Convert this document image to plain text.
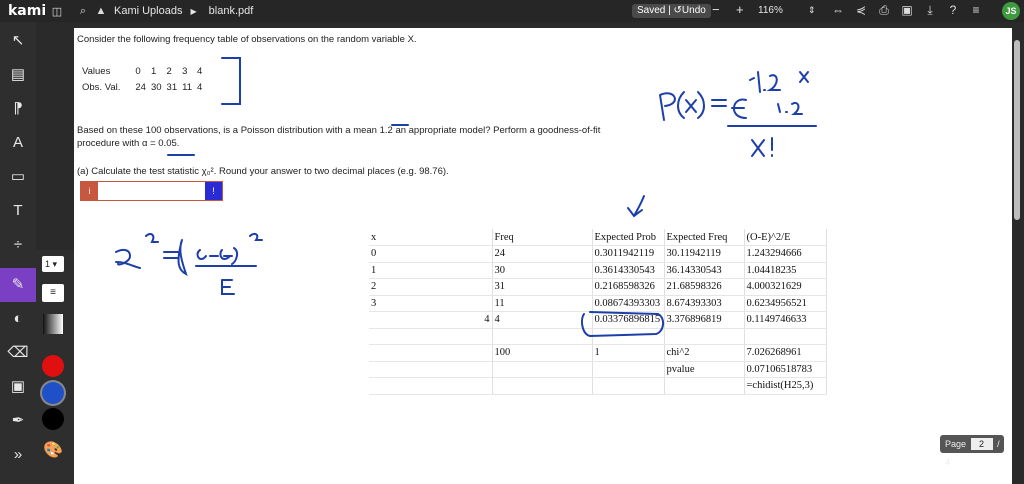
kami ◫	⌕ ▲ Kami Uploads ▶ blank.pdf	Saved | ↺Undo − + 116%	⇕ ⇔ ⋞ ⎙ ▣	⤓	?	≡	JS
↖
▤
⁋
A
▭
T
÷
✎
◐
⌫
▣
✒
»
1 ▾
≡
🎨
Consider the following frequency table of observations on the random variable X.
Values	0	1	2	3	4
Obs. Val.	24	30	31	11	4
Based on these 100 observations, is a Poisson distribution with a mean 1.2 an appropriate model? Perform a goodness-of-fit
procedure with α = 0.05.
(a) Calculate the test statistic χ₀². Round your answer to two decimal places (e.g. 98.76).
i	!
x	Freq	Expected Prob	Expected Freq	(O-E)^2/E
0	24	0.3011942119	30.11942119	1.243294666
1	30	0.3614330543	36.14330543	1.04418235
2	31	0.2168598326	21.68598326	4.000321629
3	11	0.08674393303	8.674393303	0.6234956521
4	4	0.03376896815	3.376896819	0.1149746633

	100	1	chi^2	7.026268961
			pvalue	0.07106518783
				=chidist(H25,3)
Page 2 / 4
